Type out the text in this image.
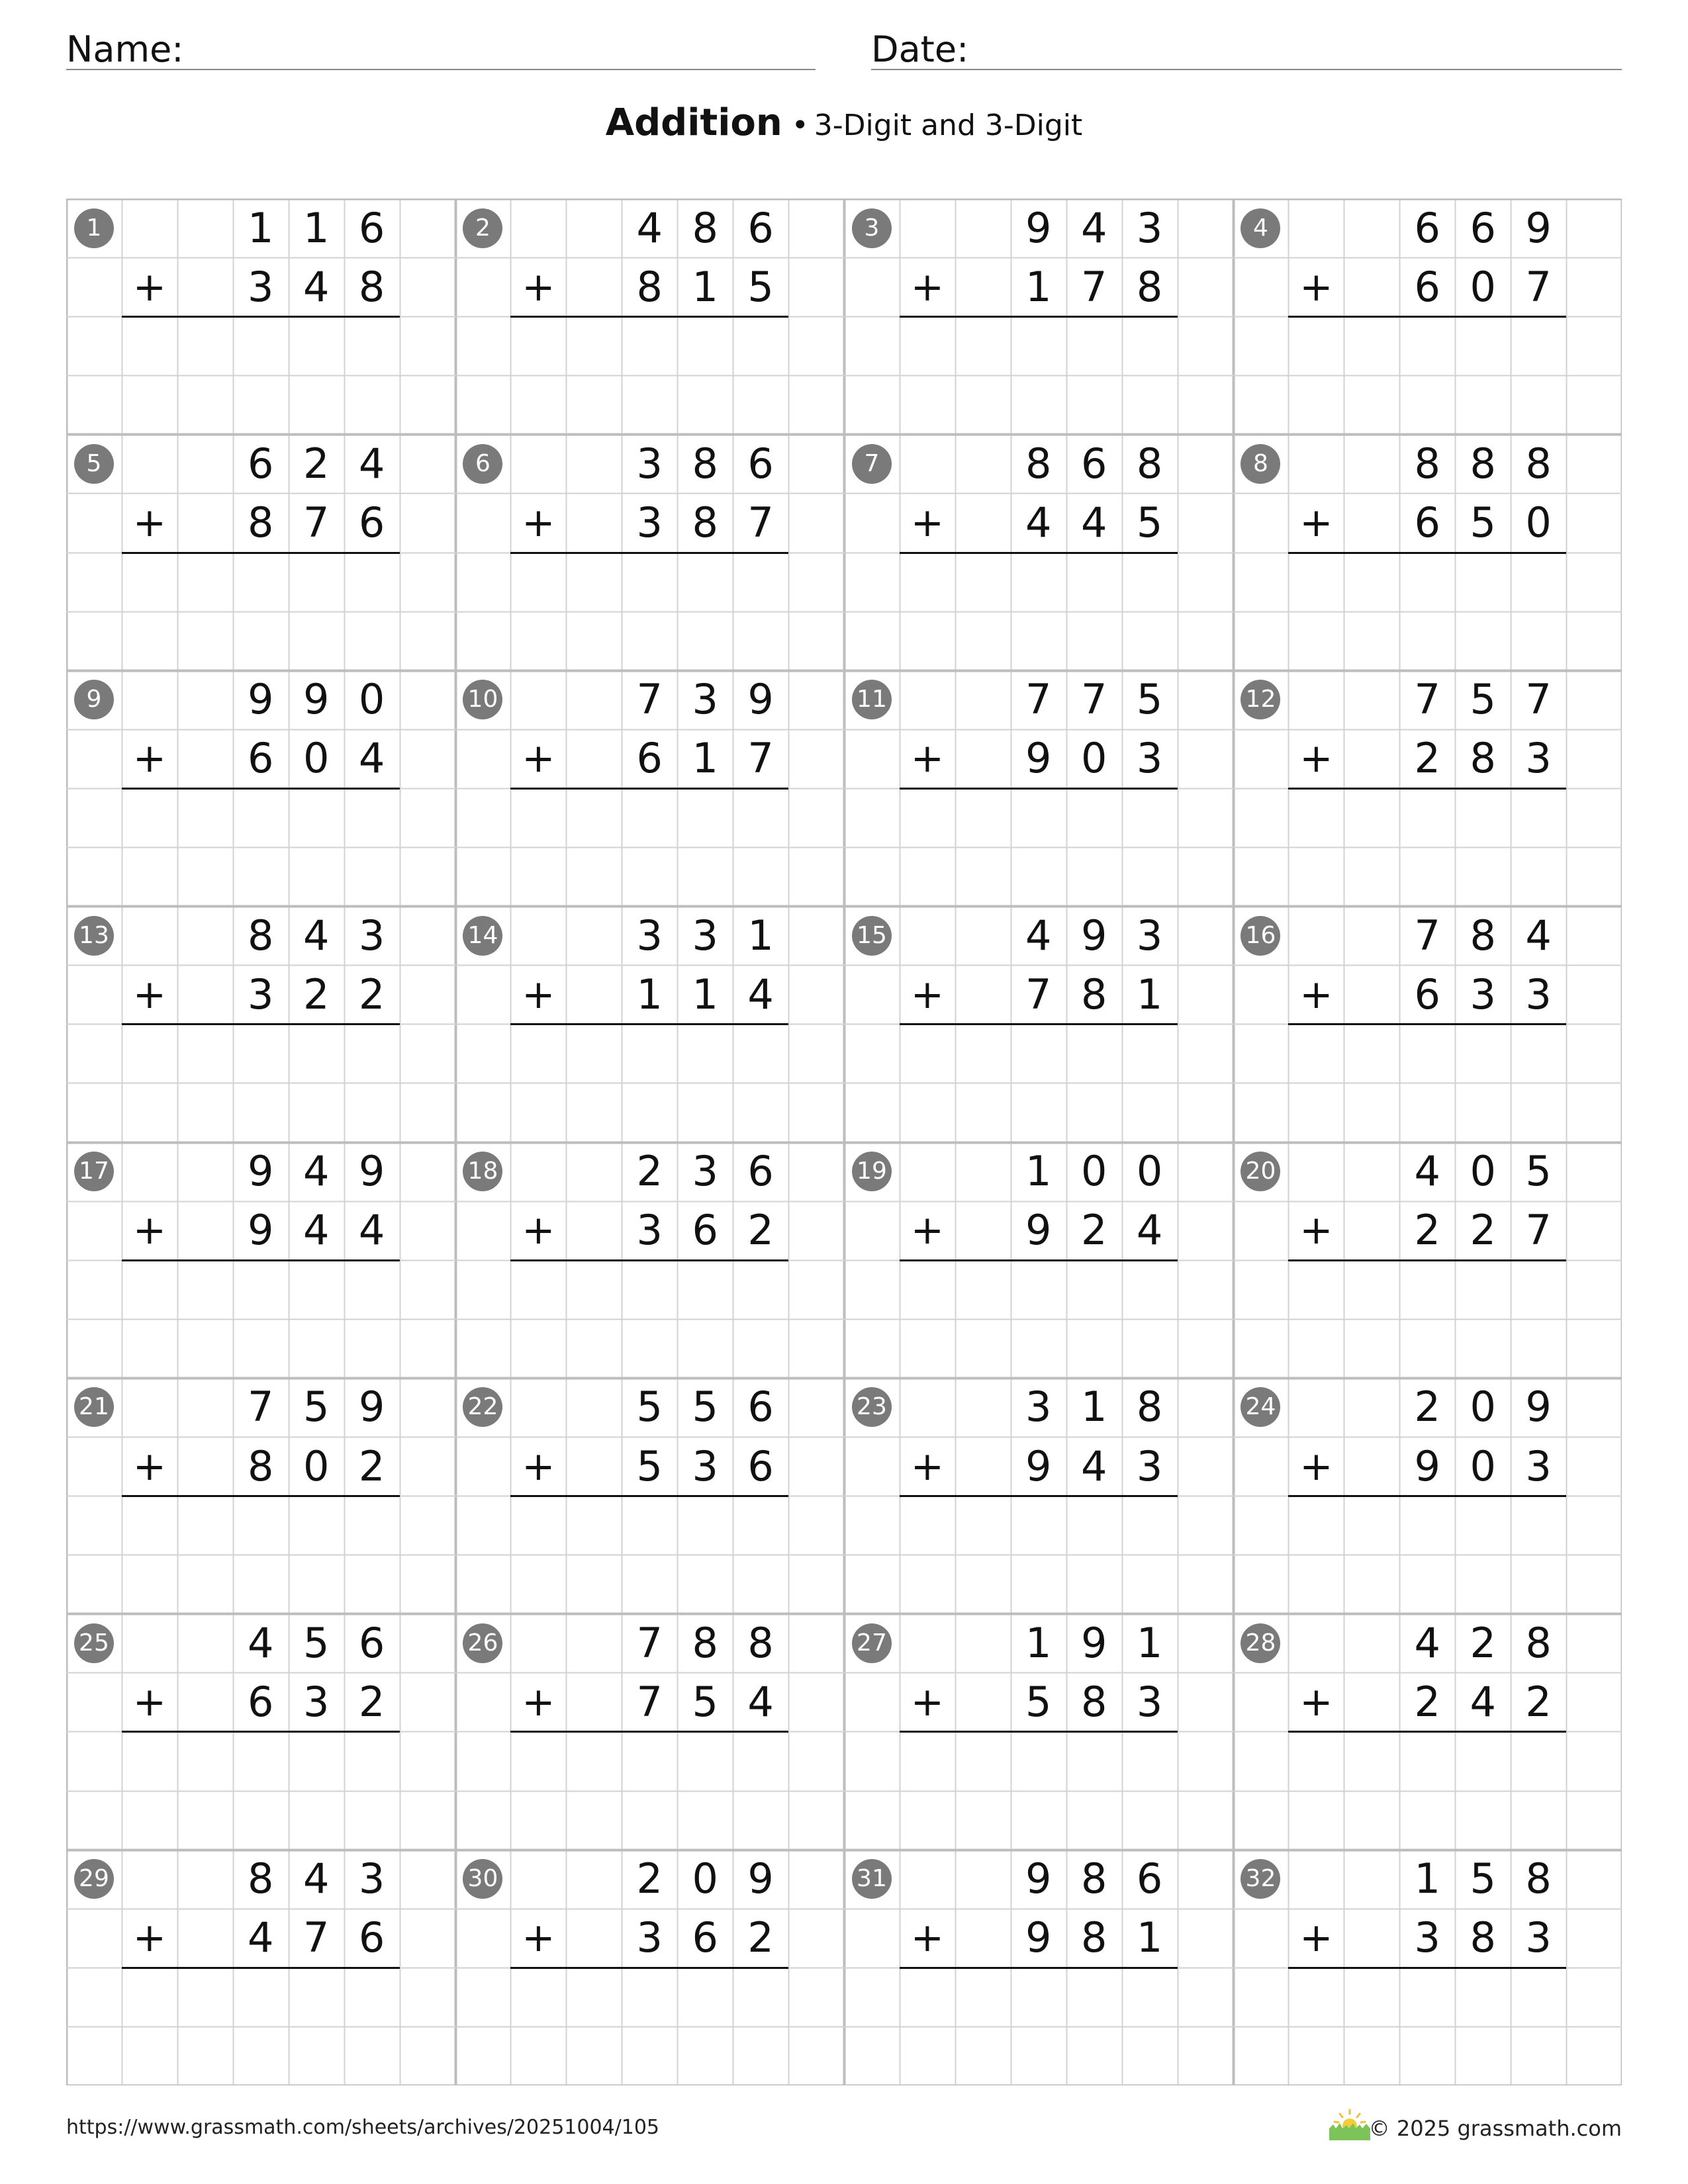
Name:	Date:
Addition • 3-Digit and 3-Digit
1	1
3
1
4
6
8
+
2	4
8
8
1
6
5
+
3	9
1
4
7
3
8
+
4	6
6
6
0
9
7
+
5	6
8
2
7
4
6
+
6	3
3
8
8
6
7
+
7	8
4
6
4
8
5
+
8	8
6
8
5
8
0
+
9	9
6
9
0
0
4
+
10	7
6
3
1
9
7
+
11	7
9
7
0
5
3
+
12	7
2
5
8
7
3
+
13	8
3
4
2
3
2
+
14	3
1
3
1
1
4
+
15	4
7
9
8
3
1
+
16	7
6
8
3
4
3
+
17	9
9
4
4
9
4
+
18	2
3
3
6
6
2
+
19	1
9
0
2
0
4
+
20	4
2
0
2
5
7
+
21	7
8
5
0
9
2
+
22	5
5
5
3
6
6
+
23	3
9
1
4
8
3
+
24	2
9
0
0
9
3
+
25	4
6
5
3
6
2
+
26	7
7
8
5
8
4
+
27	1
5
9
8
1
3
+
28	4
2
2
4
8
2
+
29	8
4
4
7
3
6
+
30	2
3
0
6
9
2
+
31	9
9
8
8
6
1
+
32	1
3
5
8
8
3
+
https://www.grassmath.com/sheets/archives/20251004/105	© 2025 grassmath.com
